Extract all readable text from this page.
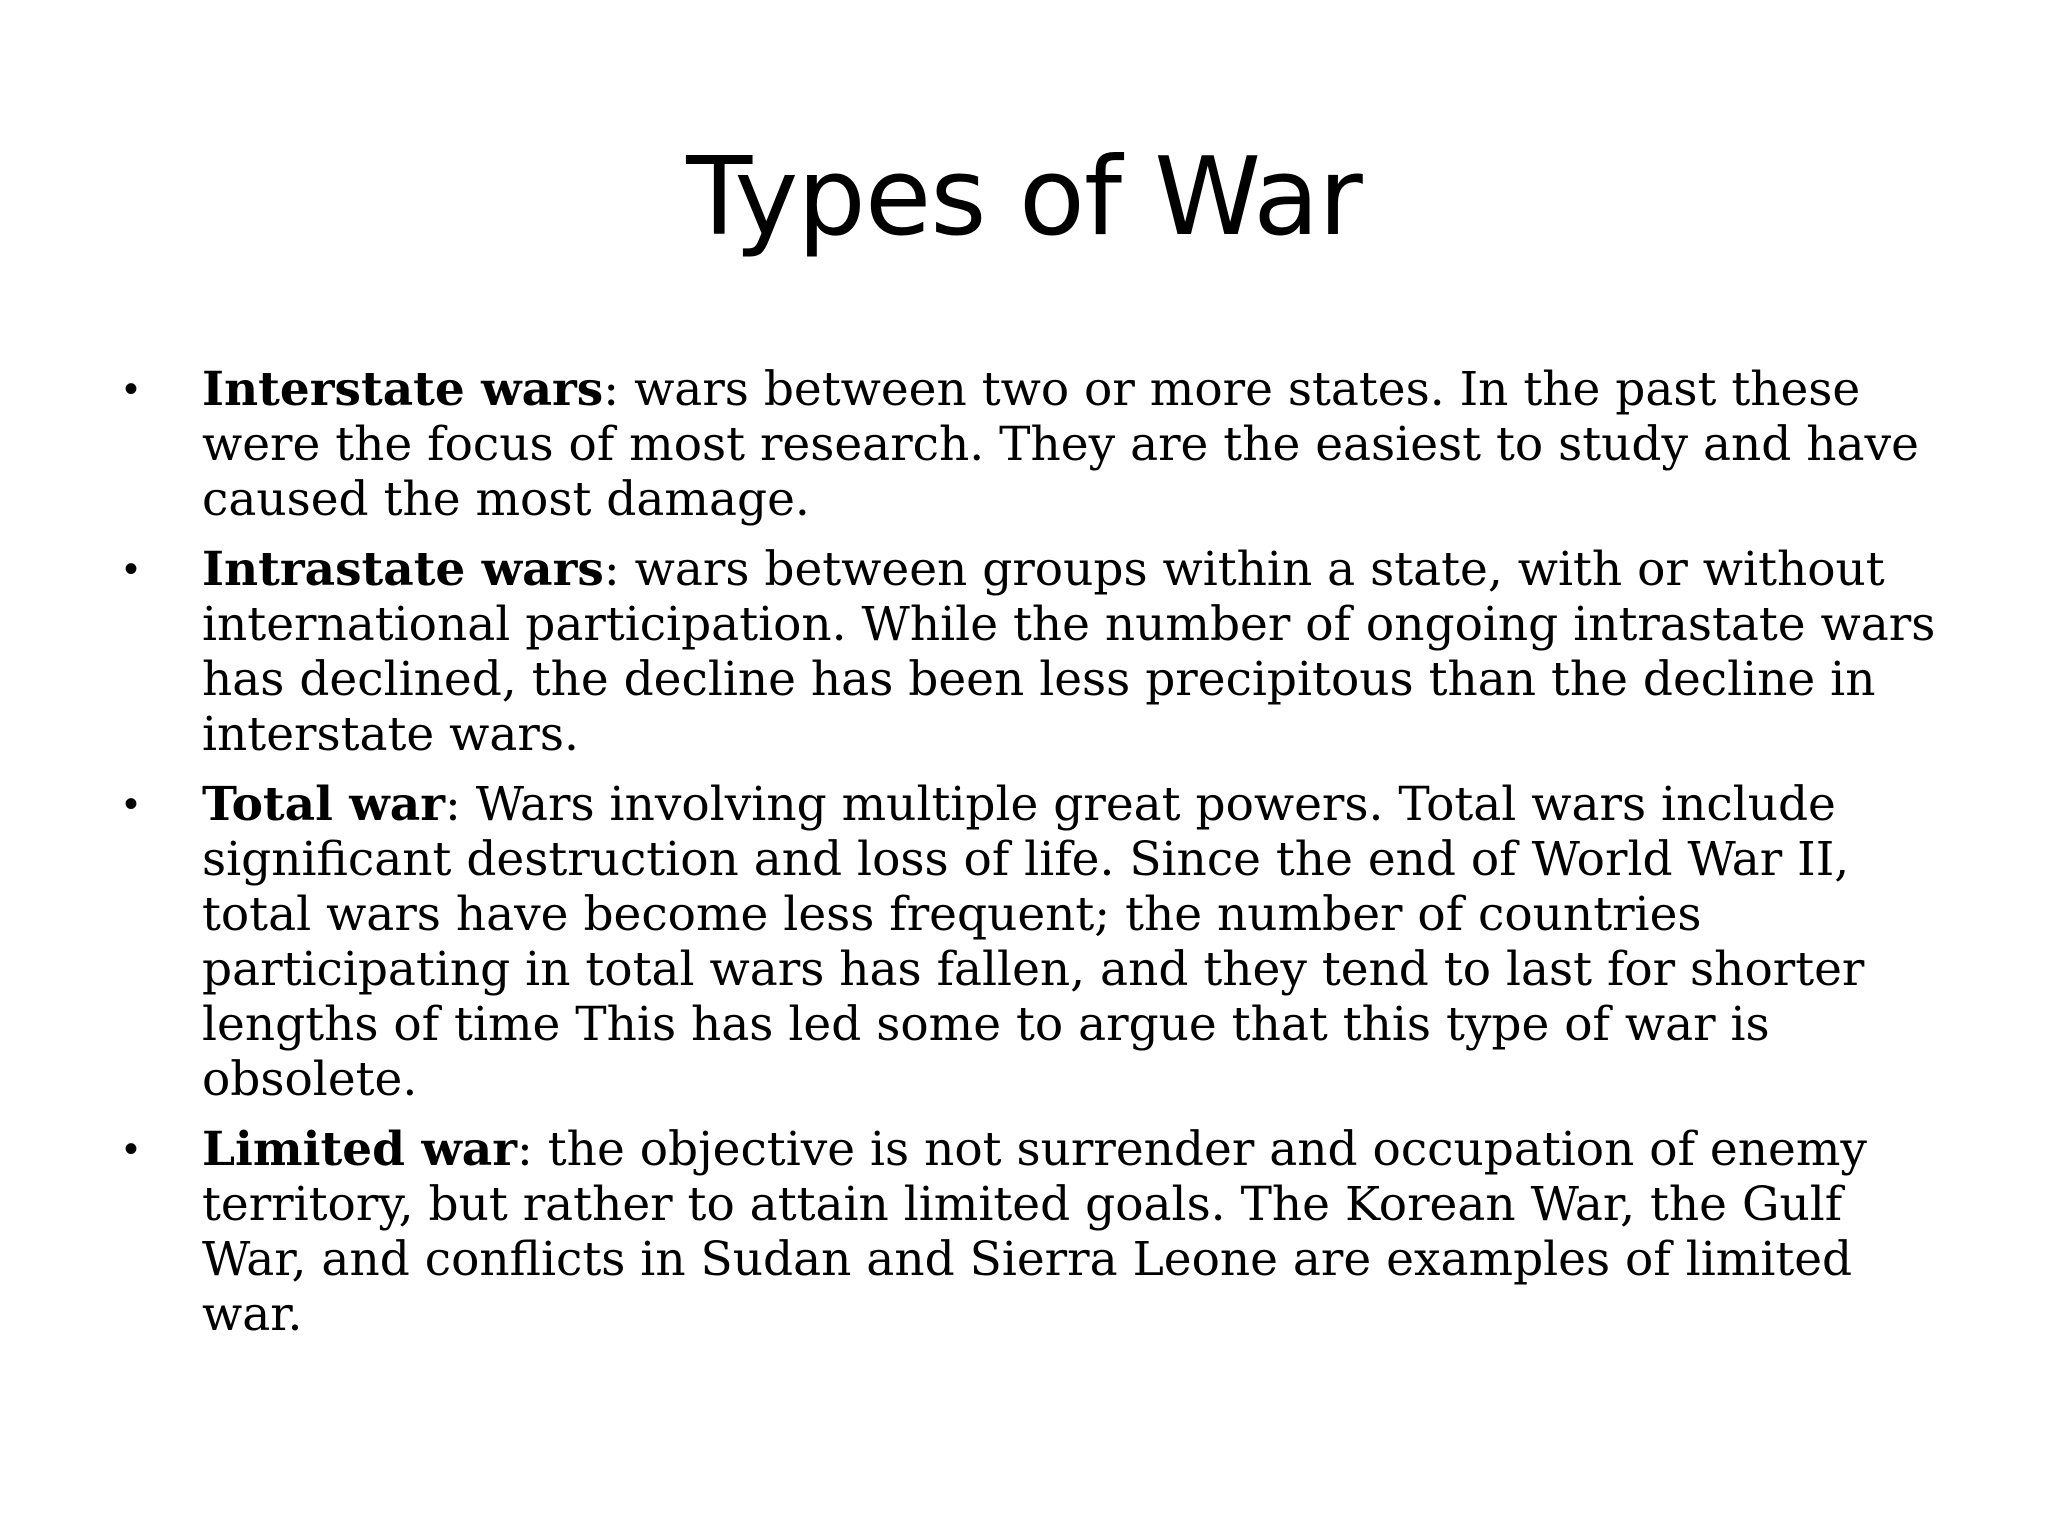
Types of War
• Interstate wars: wars between two or more states. In the past these were the focus of most research. They are the easiest to study and have caused the most damage.
• Intrastate wars: wars between groups within a state, with or without international participation. While the number of ongoing intrastate wars has declined, the decline has been less precipitous than the decline in interstate wars.
• Total war: Wars involving multiple great powers. Total wars include significant destruction and loss of life. Since the end of World War II, total wars have become less frequent; the number of countries participating in total wars has fallen, and they tend to last for shorter lengths of time This has led some to argue that this type of war is obsolete.
• Limited war: the objective is not surrender and occupation of enemy territory, but rather to attain limited goals. The Korean War, the Gulf War, and conflicts in Sudan and Sierra Leone are examples of limited war.
